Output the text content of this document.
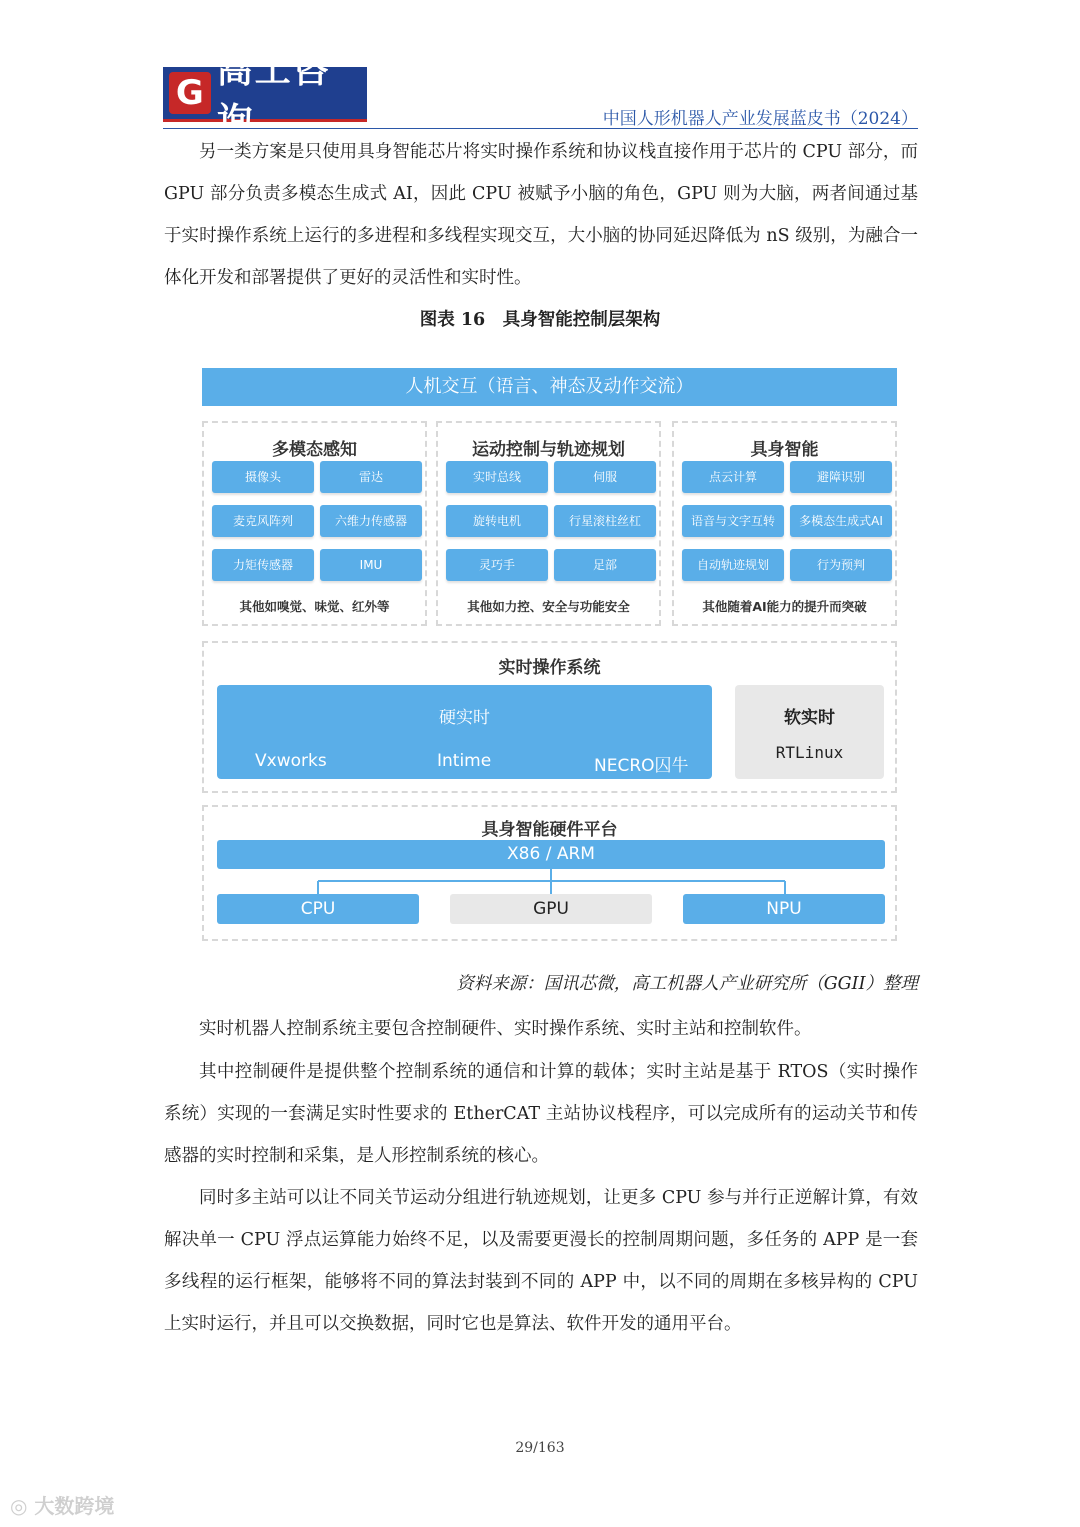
G
高工咨询	中国人形机器人产业发展蓝皮书（2024）

另一类方案是只使用具身智能芯片将实时操作系统和协议栈直接作用于芯片的 CPU 部分，而 GPU 部分负责多模态生成式 AI，因此 CPU 被赋予小脑的角色，GPU 则为大脑，两者间通过基于实时操作系统上运行的多进程和多线程实现交互，大小脑的协同延迟降低为 nS 级别，为融合一体化开发和部署提供了更好的灵活性和实时性。

图表 16　具身智能控制层架构
人机交互（语言、神态及动作交流）
多模态感知
摄像头	雷达
麦克风阵列	六维力传感器
力矩传感器	IMU
其他如嗅觉、味觉、红外等
运动控制与轨迹规划
实时总线	伺服
旋转电机	行星滚柱丝杠
灵巧手	足部
其他如力控、安全与功能安全
具身智能
点云计算	避障识别
语音与文字互转	多模态生成式AI
自动轨迹规划	行为预判
其他随着AI能力的提升而突破
实时操作系统
硬实时
Vxworks	Intime	NECRO囚牛
软实时
RTLinux
具身智能硬件平台
X86 / ARM
CPU	GPU	NPU
资料来源：国讯芯微，高工机器人产业研究所（GGII）整理

实时机器人控制系统主要包含控制硬件、实时操作系统、实时主站和控制软件。

其中控制硬件是提供整个控制系统的通信和计算的载体；实时主站是基于 RTOS（实时操作系统）实现的一套满足实时性要求的 EtherCAT 主站协议栈程序，可以完成所有的运动关节和传感器的实时控制和采集，是人形控制系统的核心。

同时多主站可以让不同关节运动分组进行轨迹规划，让更多 CPU 参与并行正逆解计算，有效解决单一 CPU 浮点运算能力始终不足，以及需要更漫长的控制周期问题，多任务的 APP 是一套多线程的运行框架，能够将不同的算法封装到不同的 APP 中，以不同的周期在多核异构的 CPU 上实时运行，并且可以交换数据，同时它也是算法、软件开发的通用平台。

29/163
◎ 大数跨境
